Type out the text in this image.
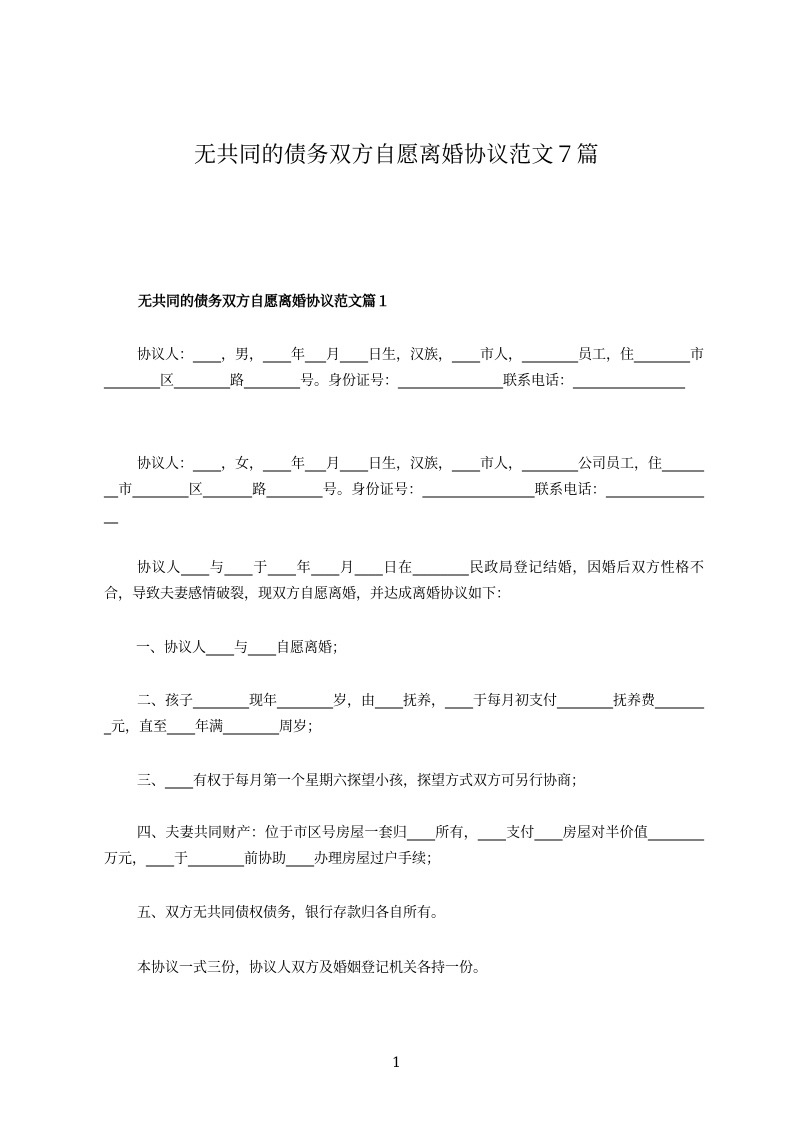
无共同的债务双方自愿离婚协议范文７篇
无共同的债务双方自愿离婚协议范文篇１
协议人：____，男，____年___月____日生，汉族，____市人，________员工，住________市________区________路________号。身份证号：_______________联系电话：________________
协议人：____，女，____年___月____日生，汉族，____市人，________公司员工，住________市________区_______路________号。身份证号：________________联系电话：________________
协议人____与____于____年____月____日在________民政局登记结婚，因婚后双方性格不合，导致夫妻感情破裂，现双方自愿离婚，并达成离婚协议如下：
一、协议人____与____自愿离婚；
二、孩子________现年________岁，由____抚养，____于每月初支付________抚养费________元，直至____年满________周岁；
三、____有权于每月第一个星期六探望小孩，探望方式双方可另行协商；
四、夫妻共同财产：位于市区号房屋一套归____所有，____支付____房屋对半价值________万元，____于________前协助____办理房屋过户手续；
五、双方无共同债权债务，银行存款归各自所有。
本协议一式三份，协议人双方及婚姻登记机关各持一份。
1
